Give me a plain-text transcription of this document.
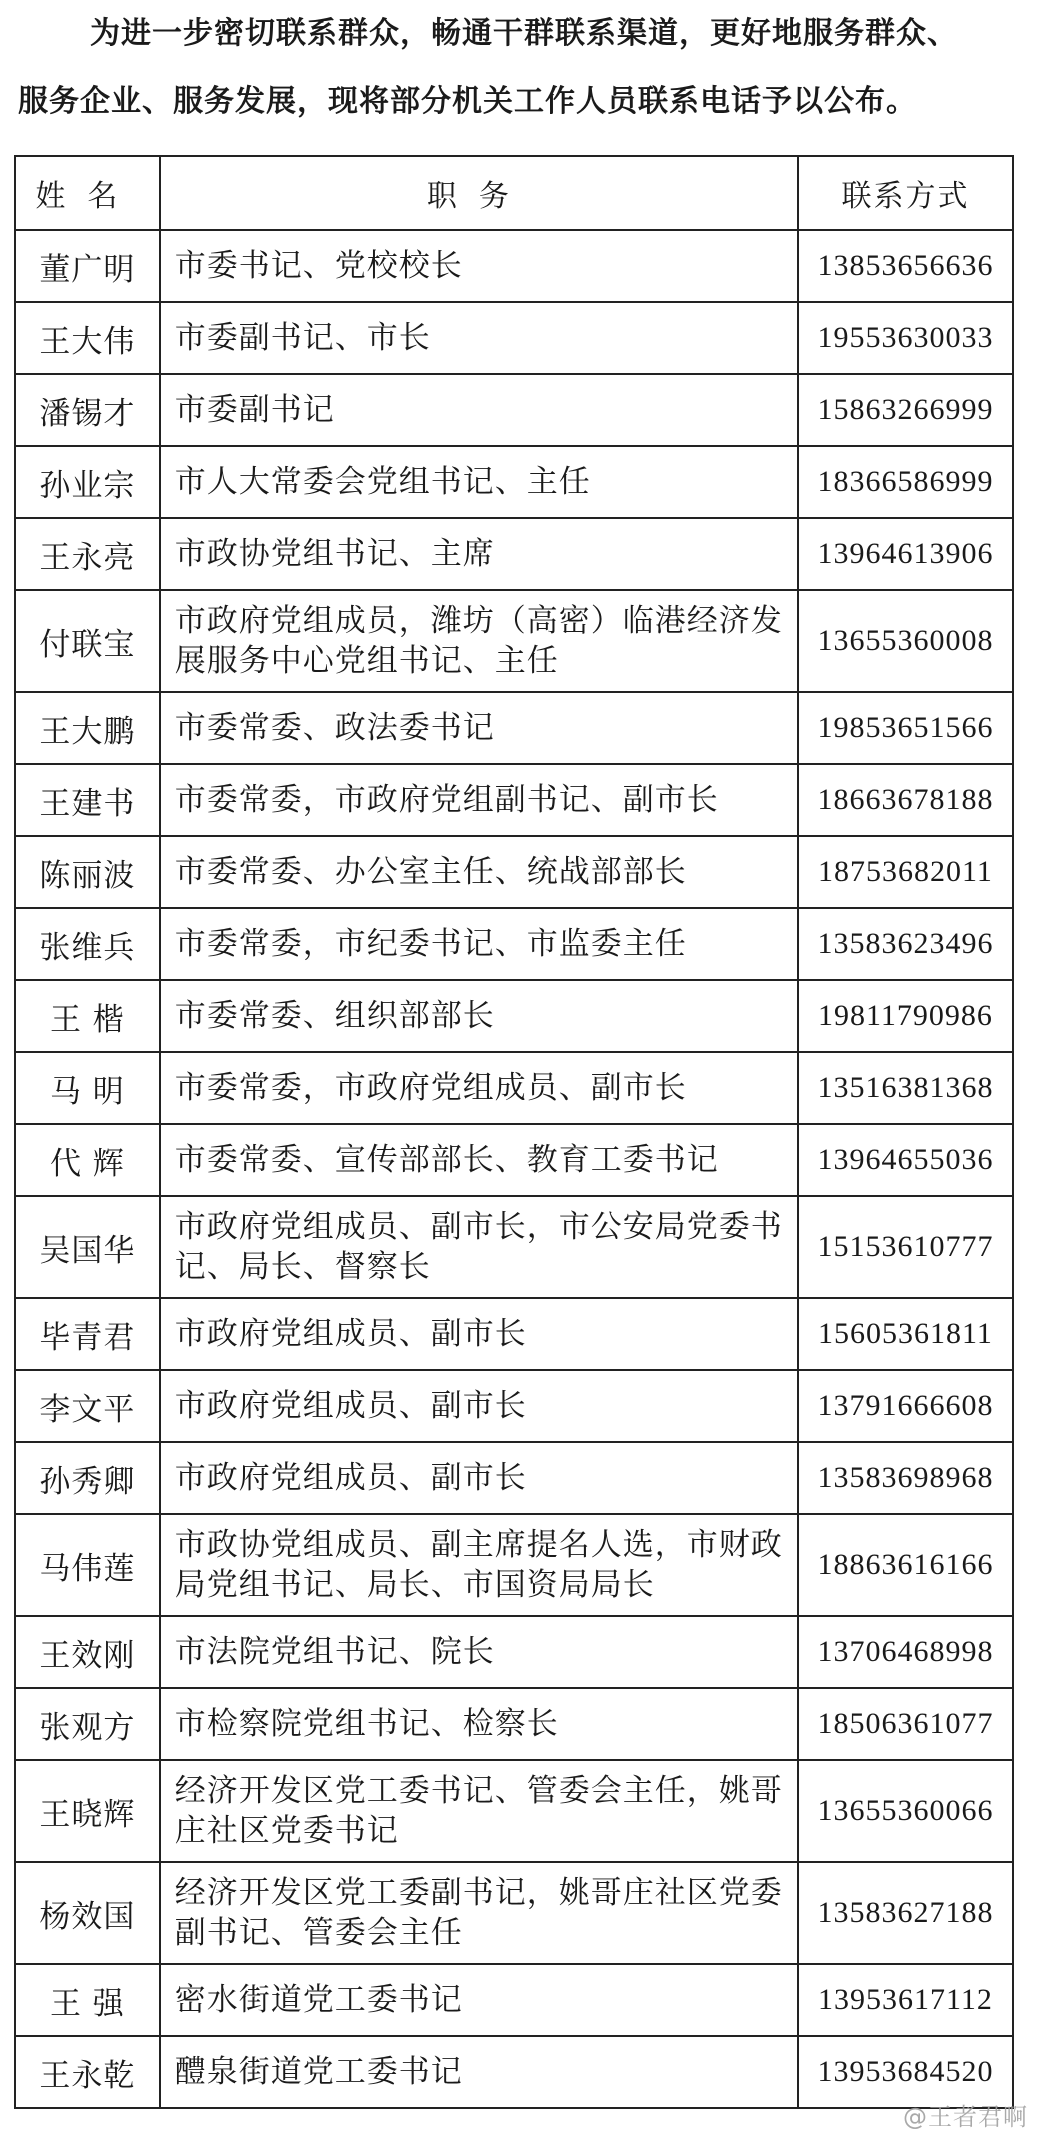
为进一步密切联系群众，畅通干群联系渠道，更好地服务群众、
服务企业、服务发展，现将部分机关工作人员联系电话予以公布。
姓名	职务	联系方式
董广明	市委书记、党校校长	13853656636
王大伟	市委副书记、市长	19553630033
潘锡才	市委副书记	15863266999
孙业宗	市人大常委会党组书记、主任	18366586999
王永亮	市政协党组书记、主席	13964613906
付联宝	市政府党组成员，潍坊（高密）临港经济发展服务中心党组书记、主任	13655360008
王大鹏	市委常委、政法委书记	19853651566
王建书	市委常委，市政府党组副书记、副市长	18663678188
陈丽波	市委常委、办公室主任、统战部部长	18753682011
张维兵	市委常委，市纪委书记、市监委主任	13583623496
王 楷	市委常委、组织部部长	19811790986
马 明	市委常委，市政府党组成员、副市长	13516381368
代 辉	市委常委、宣传部部长、教育工委书记	13964655036
吴国华	市政府党组成员、副市长，市公安局党委书记、局长、督察长	15153610777
毕青君	市政府党组成员、副市长	15605361811
李文平	市政府党组成员、副市长	13791666608
孙秀卿	市政府党组成员、副市长	13583698968
马伟莲	市政协党组成员、副主席提名人选，市财政局党组书记、局长、市国资局局长	18863616166
王效刚	市法院党组书记、院长	13706468998
张观方	市检察院党组书记、检察长	18506361077
王晓辉	经济开发区党工委书记、管委会主任，姚哥庄社区党委书记	13655360066
杨效国	经济开发区党工委副书记，姚哥庄社区党委副书记、管委会主任	13583627188
王 强	密水街道党工委书记	13953617112
王永乾	醴泉街道党工委书记	13953684520
@王者君啊
